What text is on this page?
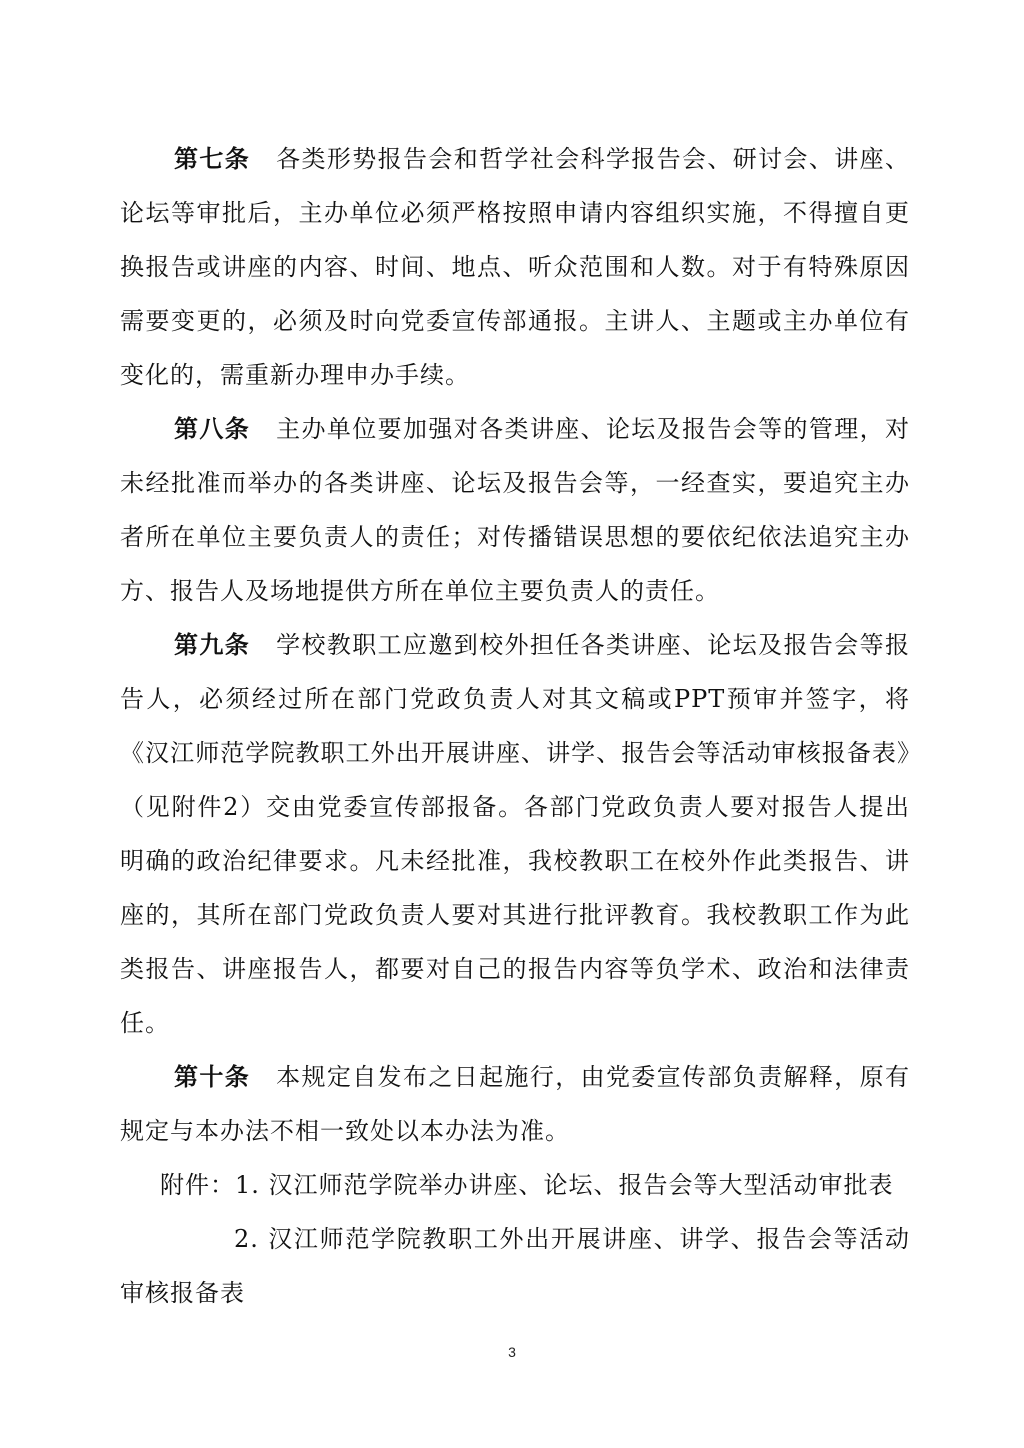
第七条 各类形势报告会和哲学社会科学报告会、研讨会、讲座、论坛等审批后，主办单位必须严格按照申请内容组织实施，不得擅自更换报告或讲座的内容、时间、地点、听众范围和人数。对于有特殊原因需要变更的，必须及时向党委宣传部通报。主讲人、主题或主办单位有变化的，需重新办理申办手续。

第八条 主办单位要加强对各类讲座、论坛及报告会等的管理，对未经批准而举办的各类讲座、论坛及报告会等，一经查实，要追究主办者所在单位主要负责人的责任；对传播错误思想的要依纪依法追究主办方、报告人及场地提供方所在单位主要负责人的责任。

第九条 学校教职工应邀到校外担任各类讲座、论坛及报告会等报告人，必须经过所在部门党政负责人对其文稿或PPT预审并签字，将《汉江师范学院教职工外出开展讲座、讲学、报告会等活动审核报备表》（见附件2）交由党委宣传部报备。各部门党政负责人要对报告人提出明确的政治纪律要求。凡未经批准，我校教职工在校外作此类报告、讲座的，其所在部门党政负责人要对其进行批评教育。我校教职工作为此类报告、讲座报告人，都要对自己的报告内容等负学术、政治和法律责任。

第十条 本规定自发布之日起施行，由党委宣传部负责解释，原有规定与本办法不相一致处以本办法为准。

附件：1. 汉江师范学院举办讲座、论坛、报告会等大型活动审批表
2. 汉江师范学院教职工外出开展讲座、讲学、报告会等活动审核报备表
3
